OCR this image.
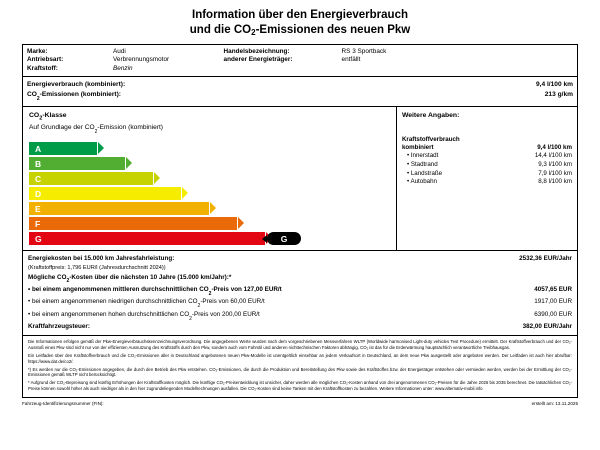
Information über den Energieverbrauch
und die $CO_2$-Emissionen des neuen Pkw
Marke:	Audi
Antriebsart:	Verbrennungsmotor
Kraftstoff:	Benzin
Handelsbezeichnung:	RS 3 Sportback
anderer Energieträger:	entfällt
Energieverbrauch (kombiniert):	9,4 l/100 km
$CO_2$-Emissionen (kombiniert):	213 g/km
$CO_2$-Klasse
Auf Grundlage der $CO_2$-Emission (kombiniert)
A
B
C
D
E
F
G	G
Weitere Angaben:
Kraftstoffverbrauch
kombiniert	9,4 l/100 km
• Innerstadt	14,4 l/100 km
• Stadtrand	9,3 l/100 km
• Landstraße	7,9 l/100 km
• Autobahn	8,8 l/100 km
Energiekosten bei 15.000 km Jahresfahrleistung:	2532,36 EUR/Jahr
(Kraftstoffpreis: 1,796 EUR/l (Jahresdurchschnitt 2024))
Mögliche $CO_2$-Kosten über die nächsten 10 Jahre (15.000 km/Jahr):*
• bei einem angenommenen mittleren durchschnittlichen $CO_2$-Preis von 127,00 EUR/t	4057,65 EUR
• bei einem angenommenen niedrigen durchschnittlichen $CO_2$-Preis von 60,00 EUR/t	1917,00 EUR
• bei einem angenommenen hohen durchschnittlichen $CO_2$-Preis von 200,00 EUR/t	6390,00 EUR
Kraftfahrzeugsteuer:	382,00 EUR/Jahr

Die Informationen erfolgen gemäß der Pkw-Energieverbrauchskennzeichnungsverordnung. Die angegebenen Werte wurden nach dem vorgeschriebenen Messverfahren WLTP (Worldwide harmonised Light-duty vehicles Test Procedure) ermittelt. Der Kraftstoffverbrauch und der CO₂-Ausstoß eines Pkw sind nicht nur von der effizienten Ausnutzung des Kraftstoffs durch den Pkw, sondern auch vom Fahrstil und anderen nichttechnischen Faktoren abhängig. CO₂ ist das für die Erderwärmung hauptsächlich verantwortliche Treibhausgas.

Ein Leitfaden über den Kraftstoffverbrauch und die CO₂-Emissionen aller in Deutschland angebotenen neuen Pkw-Modelle ist unentgeltlich einsehbar an jedem Verkaufsort in Deutschland, an dem neue Pkw ausgestellt oder angeboten werden. Der Leitfaden ist auch hier abrufbar: https://www.dat.de/co2/.

*) Es werden nur die CO₂-Emissionen angegeben, die durch den Betrieb des Pkw entstehen. CO₂-Emissionen, die durch die Produktion und Bereitstellung des Pkw sowie des Kraftstoffes bzw. der Energieträger entstehen oder vermieden werden, werden bei der Ermittlung der CO₂-Emissionen gemäß WLTP nicht berücksichtigt.

* Aufgrund der CO₂-Bepreisung sind künftig Erhöhungen der Kraftstoffkosten möglich. Die künftige CO₂-Preisentwicklung ist unsicher, daher werden alle möglichen CO₂-Kosten anhand von drei angenommenen CO₂-Preisen für die Jahre 2026 bis 2035 berechnet. Die tatsächlichen CO₂-Preise können sowohl höher als auch niedriger als in den hier zugrundeliegenden Modellrechnungen ausfallen. Die CO₂-Kosten sind keine Tanken mit den Kraftstoffkosten zu bezahlen. Weitere Informationen unter: www.alternativ-mobil.info

Fahrzeug-Identifizierungsnummer (FIN):	erstellt am: 13.11.2025
